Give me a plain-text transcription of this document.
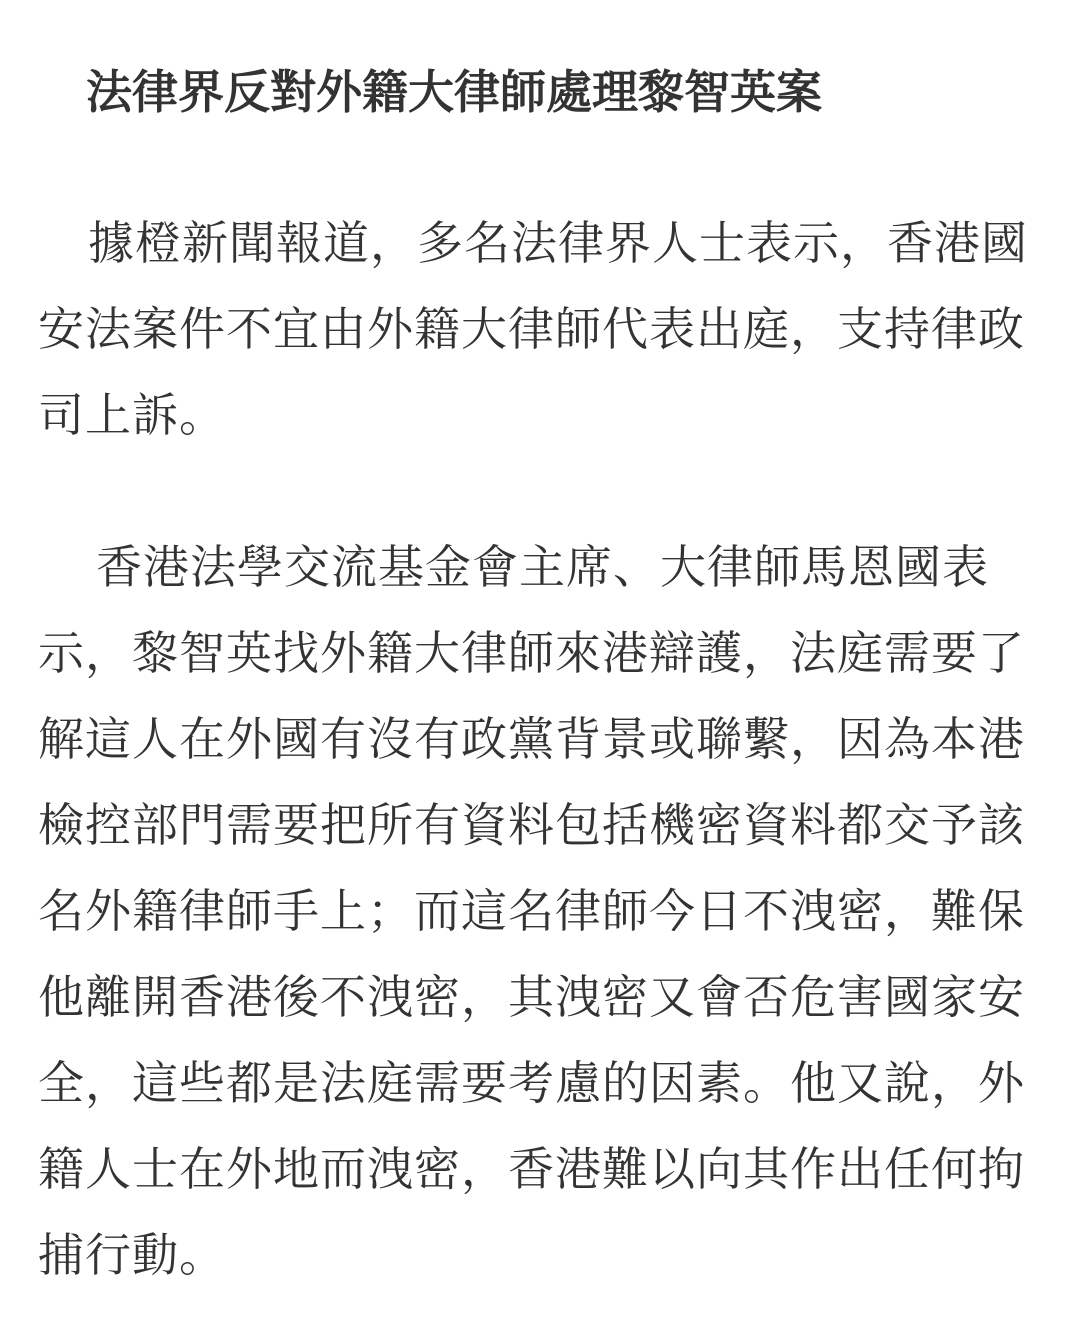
法律界反對外籍大律師處理黎智英案

據橙新聞報道，多名法律界人士表示，香港國
安法案件不宜由外籍大律師代表出庭，支持律政
司上訴。

香港法學交流基金會主席、大律師馬恩國表
示，黎智英找外籍大律師來港辯護，法庭需要了
解這人在外國有沒有政黨背景或聯繫，因為本港
檢控部門需要把所有資料包括機密資料都交予該
名外籍律師手上；而這名律師今日不洩密，難保
他離開香港後不洩密，其洩密又會否危害國家安
全，這些都是法庭需要考慮的因素。他又說，外
籍人士在外地而洩密，香港難以向其作出任何拘
捕行動。
